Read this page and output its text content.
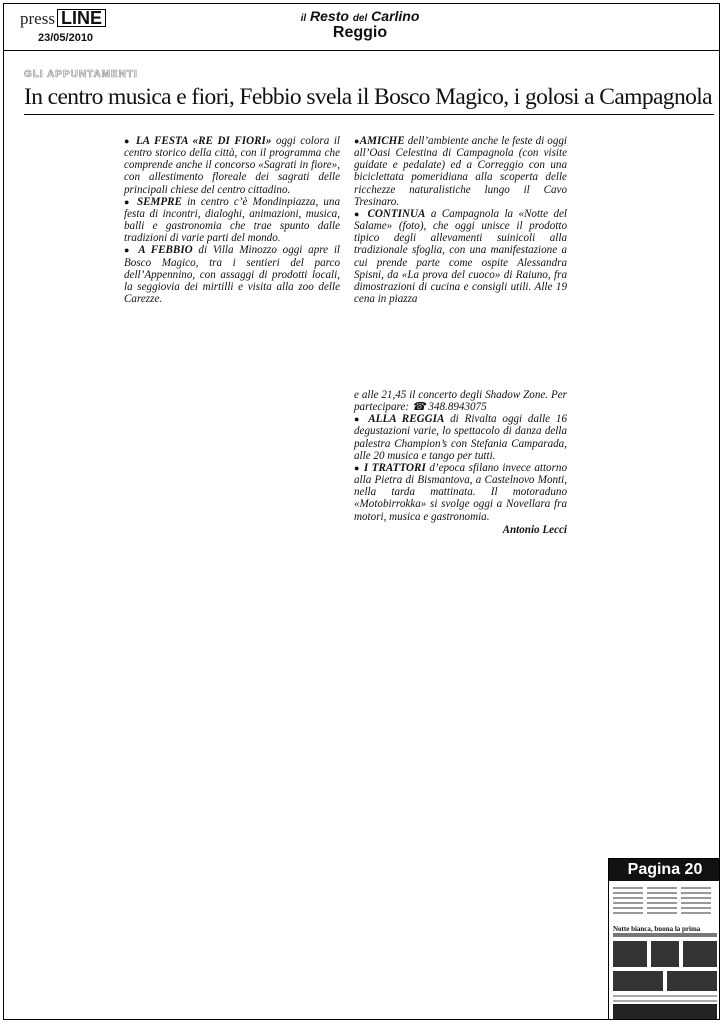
press LINE
23/05/2010
il Resto del Carlino
Reggio
GLI APPUNTAMENTI
In centro musica e fiori, Febbio svela il Bosco Magico, i golosi a Campagnola

● LA FESTA «RE DI FIORI» oggi colora il centro storico della città, con il programma che comprende anche il concorso «Sagrati in fiore», con allestimento floreale dei sagrati delle principali chiese del centro cittadino.

● SEMPRE in centro c’è Mondinpiazza, una festa di incontri, dialoghi, animazioni, musica, balli e gastronomia che trae spunto dalle tradizioni di varie parti del mondo.

● A FEBBIO di Villa Minozzo oggi apre il Bosco Magico, tra i sentieri del parco dell’Appennino, con assaggi di prodotti locali, la seggiovia dei mirtilli e visita alla zoo delle Carezze.

●AMICHE dell’ambiente anche le feste di oggi all’Oasi Celestina di Campagnola (con visite guidate e pedalate) ed a Correggio con una biciclettata pomeridiana alla scoperta delle ricchezze naturalistiche lungo il Cavo Tresinaro.

● CONTINUA a Campagnola la «Notte del Salame» (foto), che oggi unisce il prodotto tipico degli allevamenti suinicoli alla tradizionale sfoglia, con una manifestazione a cui prende parte come ospite Alessandra Spisni, da «La prova del cuoco» di Raiuno, fra dimostrazioni di cucina e consigli utili. Alle 19 cena in piazza

e alle 21,45 il concerto degli Shadow Zone. Per partecipare: ☎ 348.8943075

● ALLA REGGIA di Rivalta oggi dalle 16 degustazioni varie, lo spettacolo di danza della palestra Champion’s con Stefania Camparada, alle 20 musica e tango per tutti.

● I TRATTORI d’epoca sfilano invece attorno alla Pietra di Bismantova, a Castelnovo Monti, nella tarda mattinata. Il motoraduno «Motobirrokka» si svolge oggi a Novellara fra motori, musica e gastronomia.

Antonio Lecci

Pagina 20
Notte bianca, buona la prima
